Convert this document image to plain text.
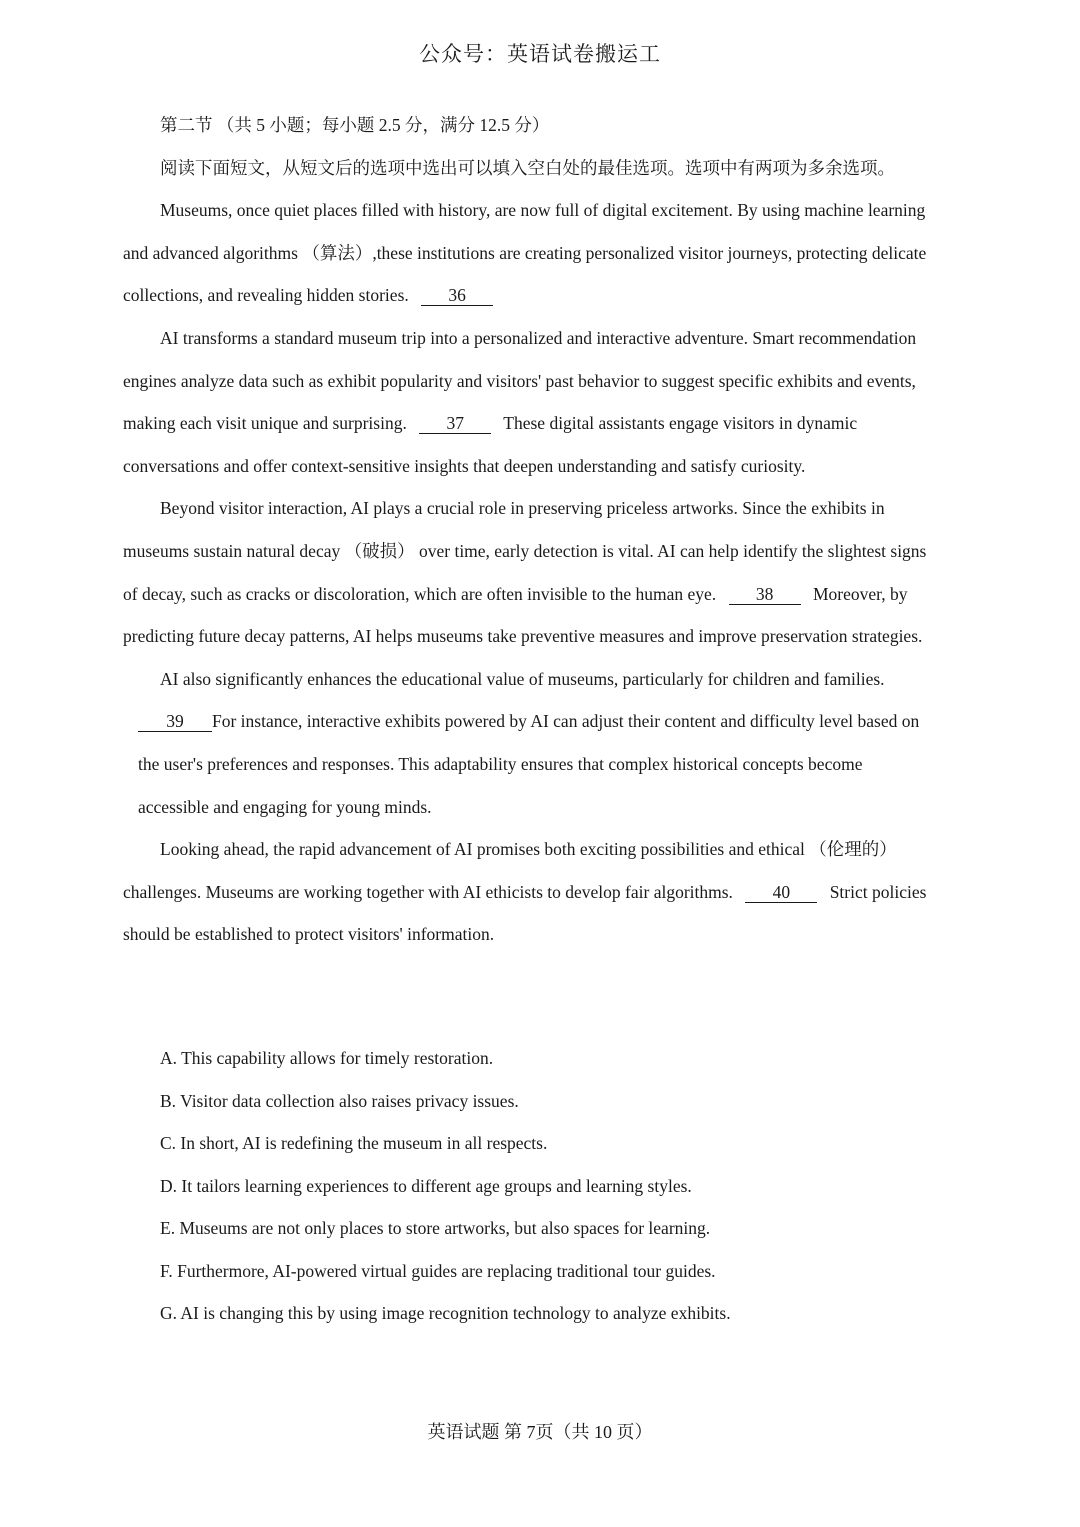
公众号：英语试卷搬运工
第二节 （共 5 小题；每小题 2.5 分，满分 12.5 分）
阅读下面短文，从短文后的选项中选出可以填入空白处的最佳选项。选项中有两项为多余选项。
Museums, once quiet places filled with history, are now full of digital excitement. By using machine learning
and advanced algorithms （算法）,these institutions are creating personalized visitor journeys, protecting delicate
collections, and revealing hidden stories. 36
AI transforms a standard museum trip into a personalized and interactive adventure. Smart recommendation
engines analyze data such as exhibit popularity and visitors' past behavior to suggest specific exhibits and events,
making each visit unique and surprising. 37 These digital assistants engage visitors in dynamic
conversations and offer context-sensitive insights that deepen understanding and satisfy curiosity.
Beyond visitor interaction, AI plays a crucial role in preserving priceless artworks. Since the exhibits in
museums sustain natural decay （破损） over time, early detection is vital. AI can help identify the slightest signs
of decay, such as cracks or discoloration, which are often invisible to the human eye. 38 Moreover, by
predicting future decay patterns, AI helps museums take preventive measures and improve preservation strategies.
AI also significantly enhances the educational value of museums, particularly for children and families.
39 For instance, interactive exhibits powered by AI can adjust their content and difficulty level based on
the user's preferences and responses. This adaptability ensures that complex historical concepts become
accessible and engaging for young minds.
Looking ahead, the rapid advancement of AI promises both exciting possibilities and ethical （伦理的）
challenges. Museums are working together with AI ethicists to develop fair algorithms. 40 Strict policies
should be established to protect visitors' information.
A. This capability allows for timely restoration.
B. Visitor data collection also raises privacy issues.
C. In short, AI is redefining the museum in all respects.
D. It tailors learning experiences to different age groups and learning styles.
E. Museums are not only places to store artworks, but also spaces for learning.
F. Furthermore, AI-powered virtual guides are replacing traditional tour guides.
G. AI is changing this by using image recognition technology to analyze exhibits.
英语试题 第 7页（共 10 页）
